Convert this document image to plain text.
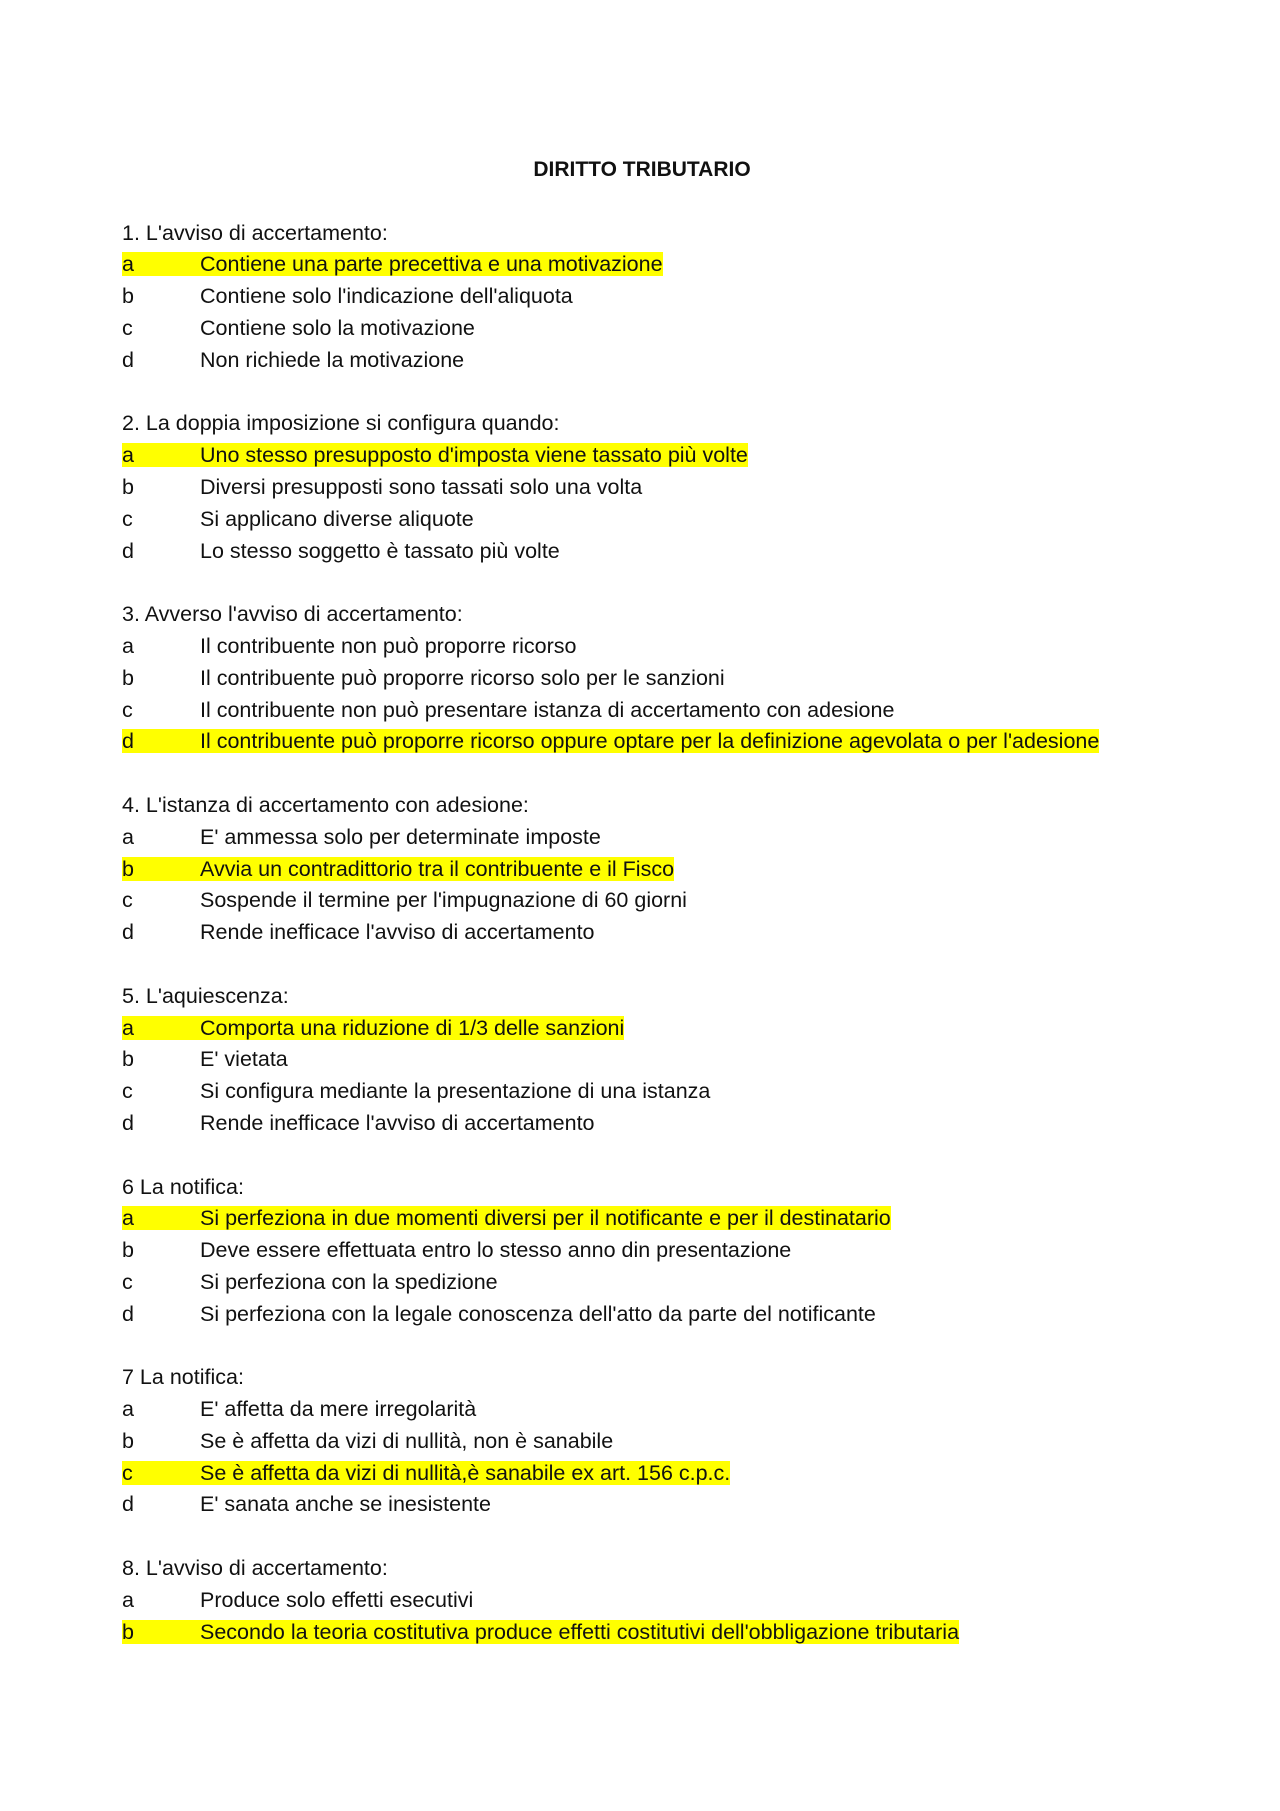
DIRITTO TRIBUTARIO
1. L'avviso di accertamento:
a	Contiene una parte precettiva e una motivazione
b	Contiene solo l'indicazione dell'aliquota
c	Contiene solo la motivazione
d	Non richiede la motivazione
2. La doppia imposizione si configura quando:
a	Uno stesso presupposto d'imposta viene tassato più volte
b	Diversi presupposti sono tassati solo una volta
c	Si applicano diverse aliquote
d	Lo stesso soggetto è tassato più volte
3. Avverso l'avviso di accertamento:
a	Il contribuente non può proporre ricorso
b	Il contribuente può proporre ricorso solo per le sanzioni
c	Il contribuente non può presentare istanza di accertamento con adesione
d	Il contribuente può proporre ricorso oppure optare per la definizione agevolata o per l'adesione
4. L'istanza di accertamento con adesione:
a	E' ammessa solo per determinate imposte
b	Avvia un contradittorio tra il contribuente e il Fisco
c	Sospende il termine per l'impugnazione di 60 giorni
d	Rende inefficace l'avviso di accertamento
5. L'aquiescenza:
a	Comporta una riduzione di 1/3 delle sanzioni
b	E' vietata
c	Si configura mediante la presentazione di una istanza
d	Rende inefficace l'avviso di accertamento
6 La notifica:
a	Si perfeziona in due momenti diversi per il notificante e per il destinatario
b	Deve essere effettuata entro lo stesso anno din presentazione
c	Si perfeziona con la spedizione
d	Si perfeziona con la legale conoscenza dell'atto da parte del notificante
7 La notifica:
a	E' affetta da mere irregolarità
b	Se è affetta da vizi di nullità, non è sanabile
c	Se è affetta da vizi di nullità,è sanabile ex art. 156 c.p.c.
d	E' sanata anche se inesistente
8. L'avviso di accertamento:
a	Produce solo effetti esecutivi
b	Secondo la teoria costitutiva produce effetti costitutivi dell'obbligazione tributaria
